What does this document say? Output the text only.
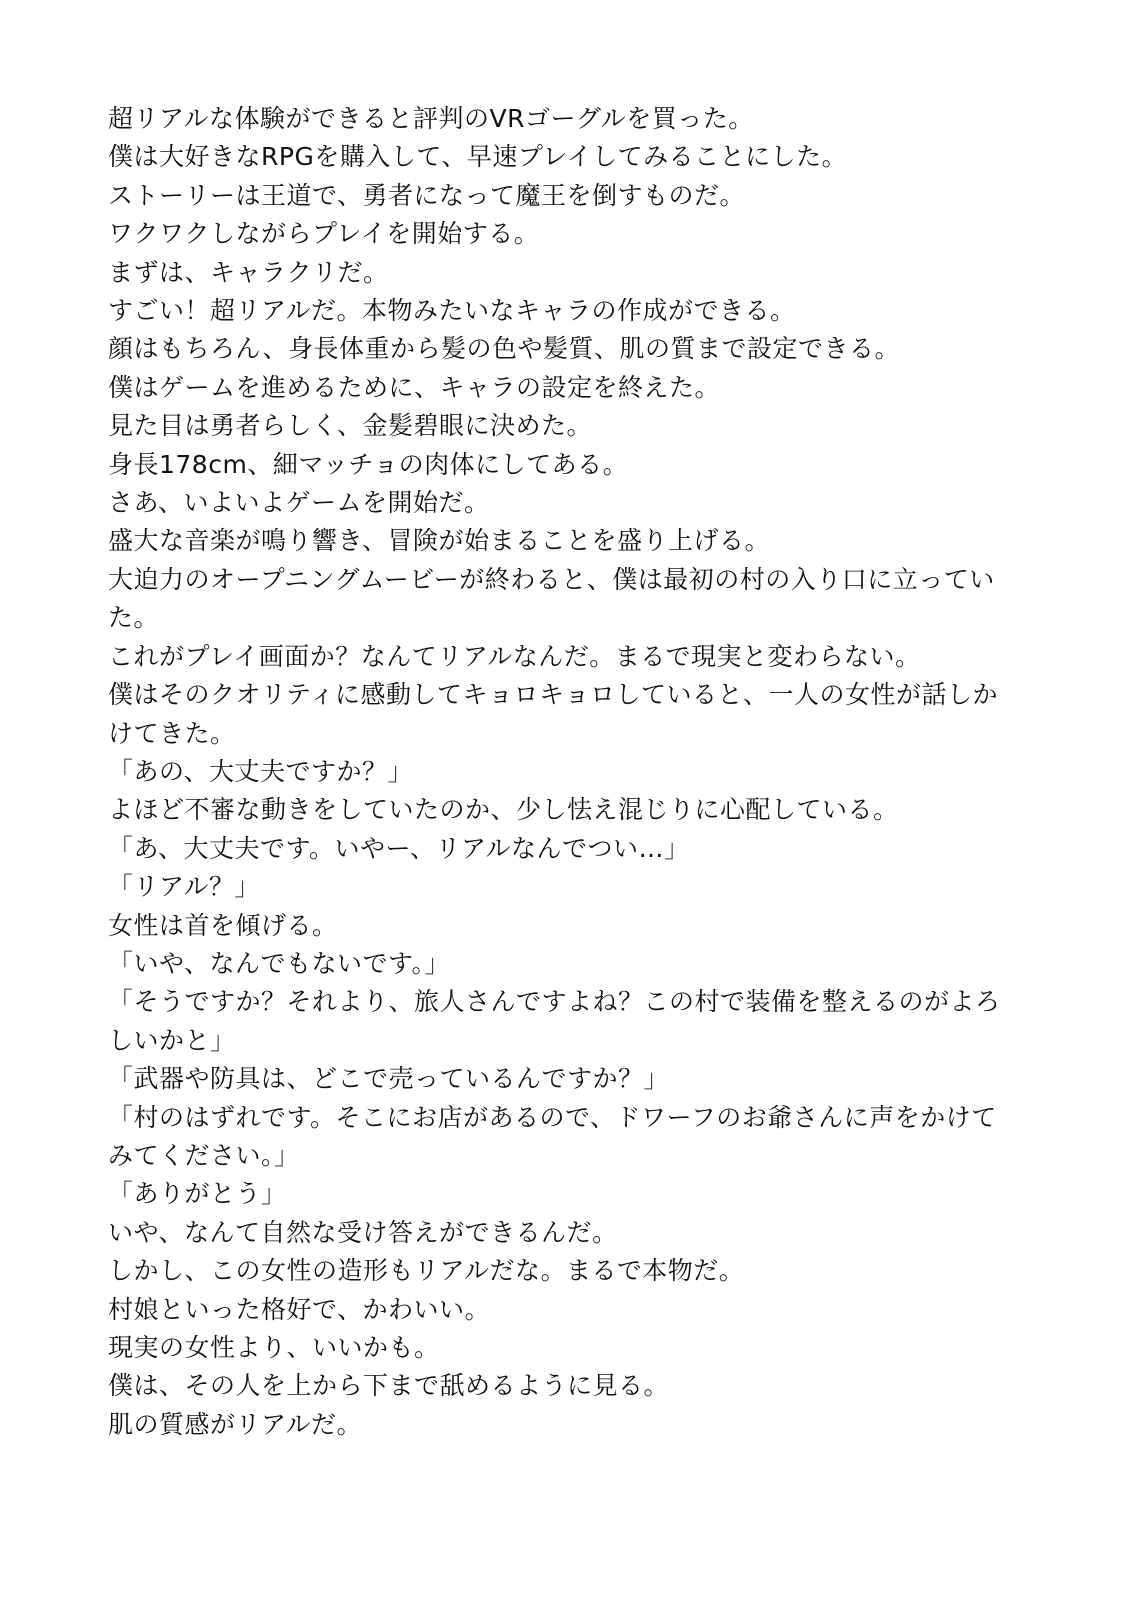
超リアルな体験ができると評判のVRゴーグルを買った。

僕は大好きなRPGを購入して、早速プレイしてみることにした。

ストーリーは王道で、勇者になって魔王を倒すものだ。

ワクワクしながらプレイを開始する。

まずは、キャラクリだ。

すごい！超リアルだ。本物みたいなキャラの作成ができる。

顔はもちろん、身長体重から髪の色や髪質、肌の質まで設定できる。

僕はゲームを進めるために、キャラの設定を終えた。

見た目は勇者らしく、金髪碧眼に決めた。

身長178cm、細マッチョの肉体にしてある。

さあ、いよいよゲームを開始だ。

盛大な音楽が鳴り響き、冒険が始まることを盛り上げる。

大迫力のオープニングムービーが終わると、僕は最初の村の入り口に立っていた。

これがプレイ画面か？なんてリアルなんだ。まるで現実と変わらない。

僕はそのクオリティに感動してキョロキョロしていると、一人の女性が話しかけてきた。

「あの、大丈夫ですか？」

よほど不審な動きをしていたのか、少し怯え混じりに心配している。

「あ、大丈夫です。いやー、リアルなんでつい…」

「リアル？」

女性は首を傾げる。

「いや、なんでもないです。」

「そうですか？それより、旅人さんですよね？この村で装備を整えるのがよろしいかと」

「武器や防具は、どこで売っているんですか？」

「村のはずれです。そこにお店があるので、ドワーフのお爺さんに声をかけてみてください。」

「ありがとう」

いや、なんて自然な受け答えができるんだ。

しかし、この女性の造形もリアルだな。まるで本物だ。

村娘といった格好で、かわいい。

現実の女性より、いいかも。

僕は、その人を上から下まで舐めるように見る。

肌の質感がリアルだ。
